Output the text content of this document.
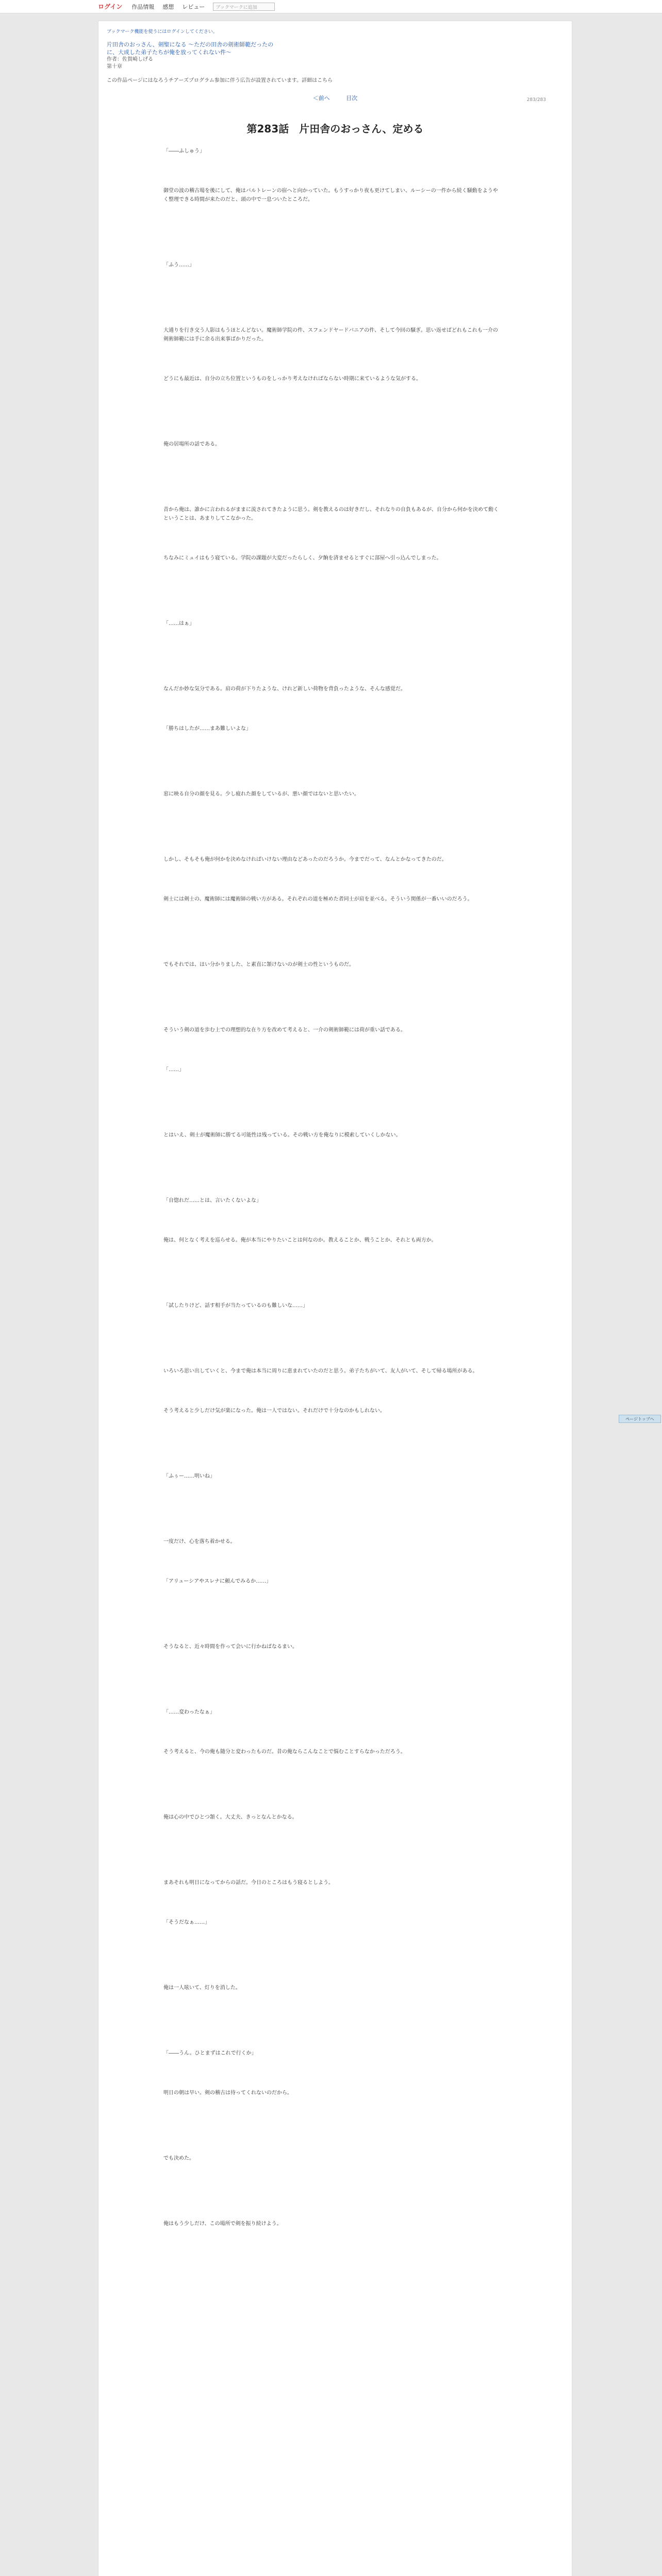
ログイン 作品情報 感想 レビュー	ブックマークに追加
ブックマーク機能を使うにはログインしてください。
片田舎のおっさん、剣聖になる ～ただの田舎の剣術師範だったのに、大成した弟子たちが俺を放ってくれない件～
作者：佐賀崎しげる
第十章
この作品ページにはなろうチアーズプログラム参加に伴う広告が設置されています。詳細はこちら
＜前へ	目次	283/283
第283話　片田舎のおっさん、定める

「――ふしゅう」

御堂の波の稽古場を後にして、俺はバルトレーンの宿へと向かっていた。もうすっかり夜も更けてしまい、ルーシーの一件から続く騒動をようやく整理できる時間が来たのだと、頭の中で一息ついたところだ。

「ふう……」

大通りを行き交う人影はもうほとんどない。魔術師学院の件、スフェンドヤードバニアの件、そして今回の騒ぎ。思い返せばどれもこれも一介の剣術師範には手に余る出来事ばかりだった。

どうにも最近は、自分の立ち位置というものをしっかり考えなければならない時期に来ているような気がする。

俺の居場所の話である。

昔から俺は、誰かに言われるがままに流されてきたように思う。剣を教えるのは好きだし、それなりの自負もあるが、自分から何かを決めて動くということは、あまりしてこなかった。

ちなみにミュイはもう寝ている。学院の課題が大変だったらしく、夕餉を済ませるとすぐに部屋へ引っ込んでしまった。

「……はぁ」

なんだか妙な気分である。肩の荷が下りたような、けれど新しい荷物を背負ったような、そんな感覚だ。

「勝ちはしたが……まあ難しいよな」

窓に映る自分の顔を見る。少し疲れた顔をしているが、悪い顔ではないと思いたい。

しかし、そもそも俺が何かを決めなければいけない理由などあったのだろうか。今までだって、なんとかなってきたのだ。

剣士には剣士の、魔術師には魔術師の戦い方がある。それぞれの道を極めた者同士が肩を並べる。そういう関係が一番いいのだろう。

でもそれでは、はい分かりました、と素直に頷けないのが剣士の性というものだ。

そういう剣の道を歩む上での理想的な在り方を改めて考えると、一介の剣術師範には荷が重い話である。

「……」

とはいえ、剣士が魔術師に勝てる可能性は残っている。その戦い方を俺なりに模索していくしかない。

「自惚れだ……とは、言いたくないよな」

俺は、何となく考えを巡らせる。俺が本当にやりたいことは何なのか。教えることか、戦うことか、それとも両方か。

「試したりけど、話す相手が当たっているのも難しいな……」

いろいろ思い出していくと、今まで俺は本当に周りに恵まれていたのだと思う。弟子たちがいて、友人がいて、そして帰る場所がある。

そう考えると少しだけ気が楽になった。俺は一人ではない。それだけで十分なのかもしれない。

「ふぅー……明いね」

一度だけ、心を落ち着かせる。

「アリューシアやスレナに頼んでみるか……」

そうなると、近々時間を作って会いに行かねばなるまい。

「……変わったなぁ」

そう考えると、今の俺も随分と変わったものだ。昔の俺ならこんなことで悩むことすらなかっただろう。

俺は心の中でひとつ頷く。大丈夫、きっとなんとかなる。

まあそれも明日になってからの話だ。今日のところはもう寝るとしよう。

「そうだなぁ……」

俺は一人呟いて、灯りを消した。

「――うん。ひとまずはこれで行くか」

明日の朝は早い。剣の稽古は待ってくれないのだから。

でも決めた。

俺はもう少しだけ、この場所で剣を振り続けよう。

ページトップへ
